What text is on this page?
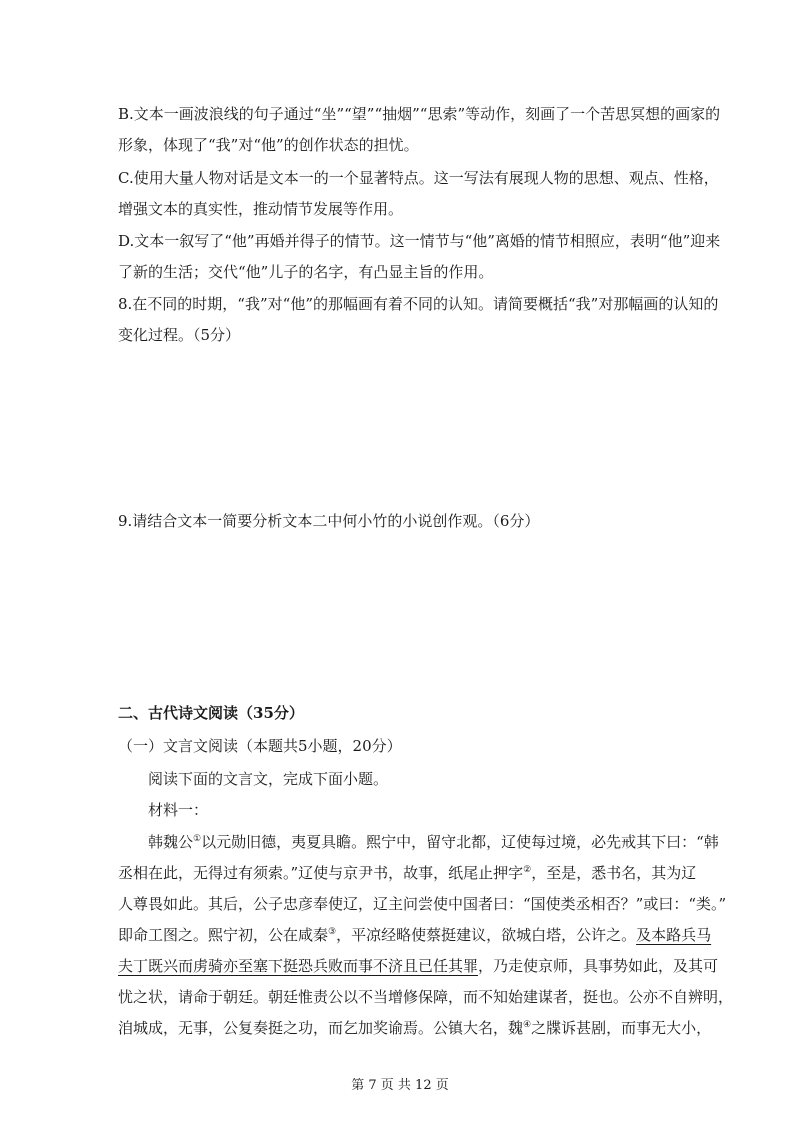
B.文本一画波浪线的句子通过“坐”“望”“抽烟”“思索”等动作，刻画了一个苦思冥想的画家的
形象，体现了“我”对“他”的创作状态的担忧。
C.使用大量人物对话是文本一的一个显著特点。这一写法有展现人物的思想、观点、性格，
增强文本的真实性，推动情节发展等作用。
D.文本一叙写了“他”再婚并得子的情节。这一情节与“他”离婚的情节相照应，表明“他”迎来
了新的生活；交代“他”儿子的名字，有凸显主旨的作用。
8.在不同的时期，“我”对“他”的那幅画有着不同的认知。请简要概括“我”对那幅画的认知的
变化过程。（5分）
9.请结合文本一简要分析文本二中何小竹的小说创作观。（6分）
二、古代诗文阅读（35分）
（一）文言文阅读（本题共5小题，20分）
阅读下面的文言文，完成下面小题。
材料一：
韩魏公①以元勋旧德，夷夏具瞻。熙宁中，留守北都，辽使每过境，必先戒其下曰：“韩
丞相在此，无得过有须索。”辽使与京尹书，故事，纸尾止押字②，至是，悉书名，其为辽
人尊畏如此。其后，公子忠彦奉使辽，辽主问尝使中国者曰：“国使类丞相否？”或曰：“类。”
即命工图之。熙宁初，公在咸秦③，平凉经略使蔡挺建议，欲城白塔，公许之。及本路兵马
夫丁既兴而虏骑亦至塞下挺恐兵败而事不济且已任其罪，乃走使京师，具事势如此，及其可
忧之状，请命于朝廷。朝廷惟责公以不当增修保障，而不知始建谋者，挺也。公亦不自辨明，
洎城成，无事，公复奏挺之功，而乞加奖谕焉。公镇大名，魏④之牒诉甚剧，而事无大小，
第 7 页 共 12 页
